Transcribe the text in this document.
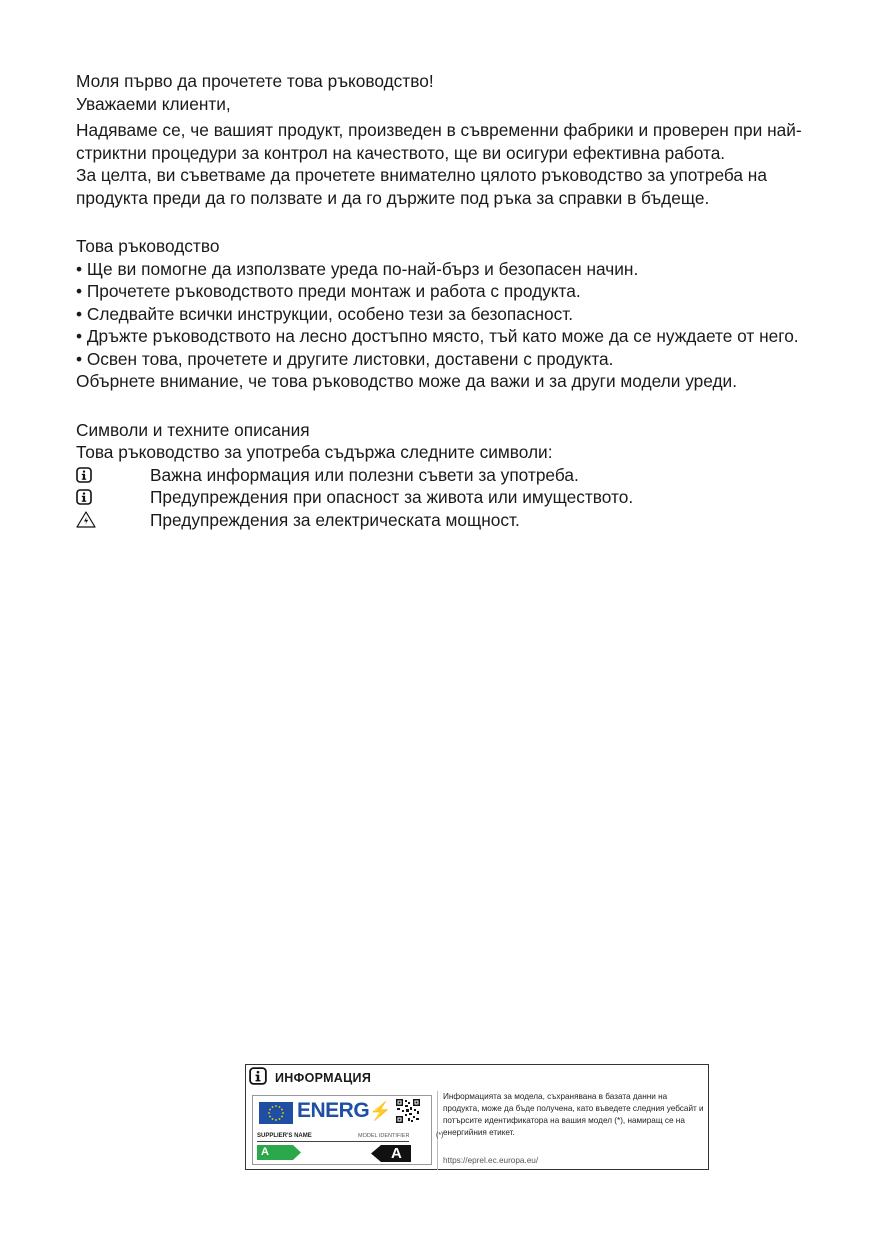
Моля първо да прочетете това ръководство!

Уважаеми клиенти,

Надяваме се, че вашият продукт, произведен в съвременни фабрики и проверен при най-стриктни процедури за контрол на качеството, ще ви осигури ефективна работа.

За целта, ви съветваме да прочетете внимателно цялото ръководство за употреба на продукта преди да го ползвате и да го държите под ръка за справки в бъдеще.

Това ръководство

• Ще ви помогне да използвате уреда по-най-бърз и безопасен начин.

• Прочетете ръководството преди монтаж и работа с продукта.

• Следвайте всички инструкции, особено тези за безопасност.

• Дръжте ръководството на лесно достъпно място, тъй като може да се нуждаете от него.

• Освен това, прочетете и другите листовки, доставени с продукта.

Обърнете внимание, че това ръководство може да важи и за други модели уреди.

Символи и техните описания

Това ръководство за употреба съдържа следните символи:

Важна информация или полезни съвети за употреба.
Предупреждения при опасност за живота или имуществото.
Предупреждения за електрическата мощност.
ИНФОРМАЦИЯ
ENERG⚡
SUPPLIER'S NAME	MODEL IDENTIFIER	(*)
A	A

Информацията за модела, съхранявана в базата данни на продукта, може да бъде получена, като въведете следния уебсайт и потърсите идентификатора на вашия модел (*), намиращ се на енергийния етикет.

https://eprel.ec.europa.eu/
